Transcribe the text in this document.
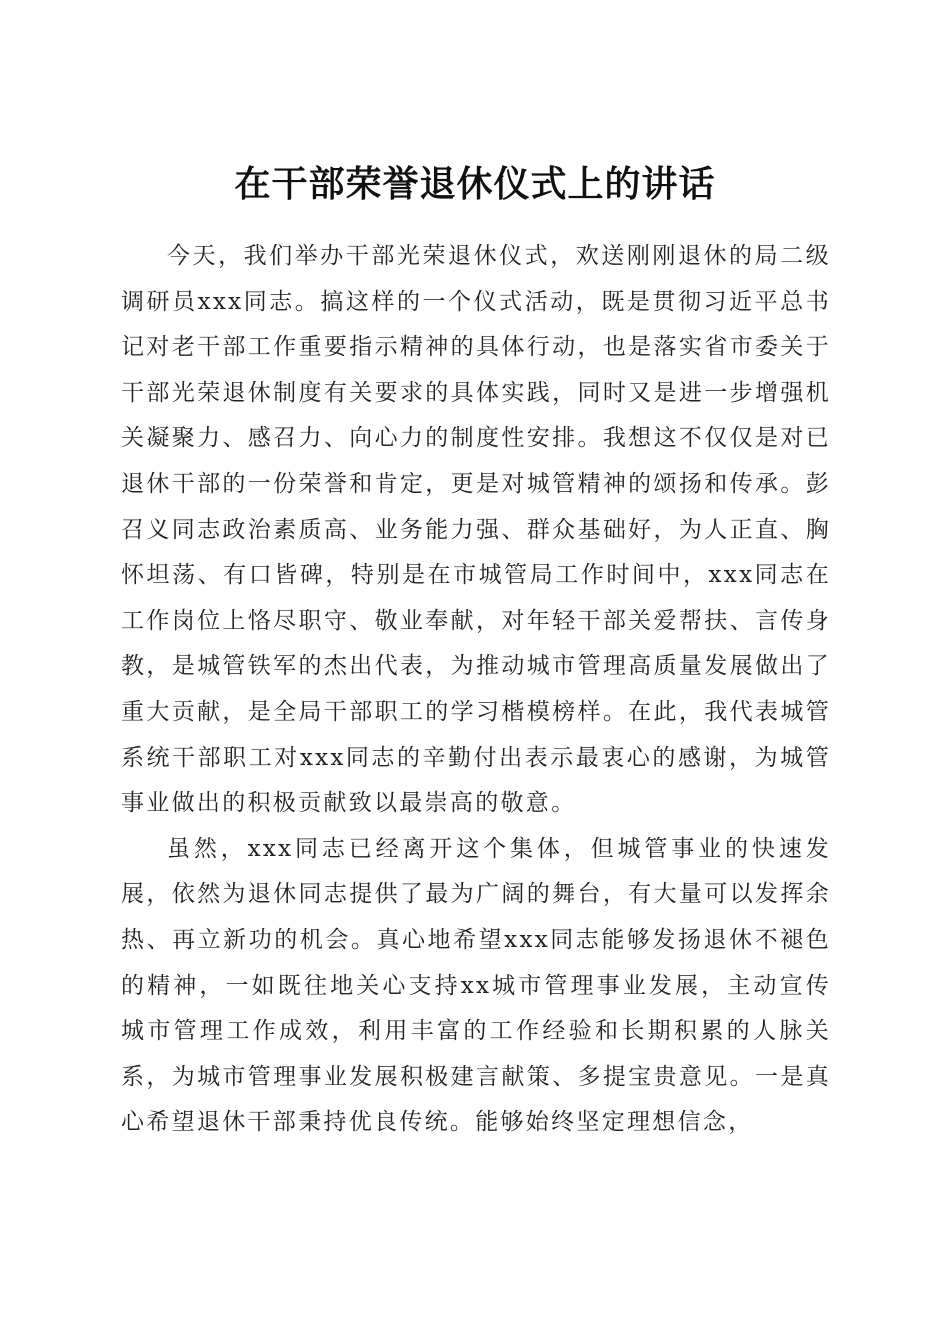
在干部荣誉退休仪式上的讲话

今天，我们举办干部光荣退休仪式，欢送刚刚退休的局二级调研员xxx同志。搞这样的一个仪式活动，既是贯彻习近平总书记对老干部工作重要指示精神的具体行动，也是落实省市委关于干部光荣退休制度有关要求的具体实践，同时又是进一步增强机关凝聚力、感召力、向心力的制度性安排。我想这不仅仅是对已退休干部的一份荣誉和肯定，更是对城管精神的颂扬和传承。彭召义同志政治素质高、业务能力强、群众基础好，为人正直、胸怀坦荡、有口皆碑，特别是在市城管局工作时间中，xxx同志在工作岗位上恪尽职守、敬业奉献，对年轻干部关爱帮扶、言传身教，是城管铁军的杰出代表，为推动城市管理高质量发展做出了重大贡献，是全局干部职工的学习楷模榜样。在此，我代表城管系统干部职工对xxx同志的辛勤付出表示最衷心的感谢，为城管事业做出的积极贡献致以最崇高的敬意。

虽然，xxx同志已经离开这个集体，但城管事业的快速发展，依然为退休同志提供了最为广阔的舞台，有大量可以发挥余热、再立新功的机会。真心地希望xxx同志能够发扬退休不褪色的精神，一如既往地关心支持xx城市管理事业发展，主动宣传城市管理工作成效，利用丰富的工作经验和长期积累的人脉关系，为城市管理事业发展积极建言献策、多提宝贵意见。一是真心希望退休干部秉持优良传统。能够始终坚定理想信念，
